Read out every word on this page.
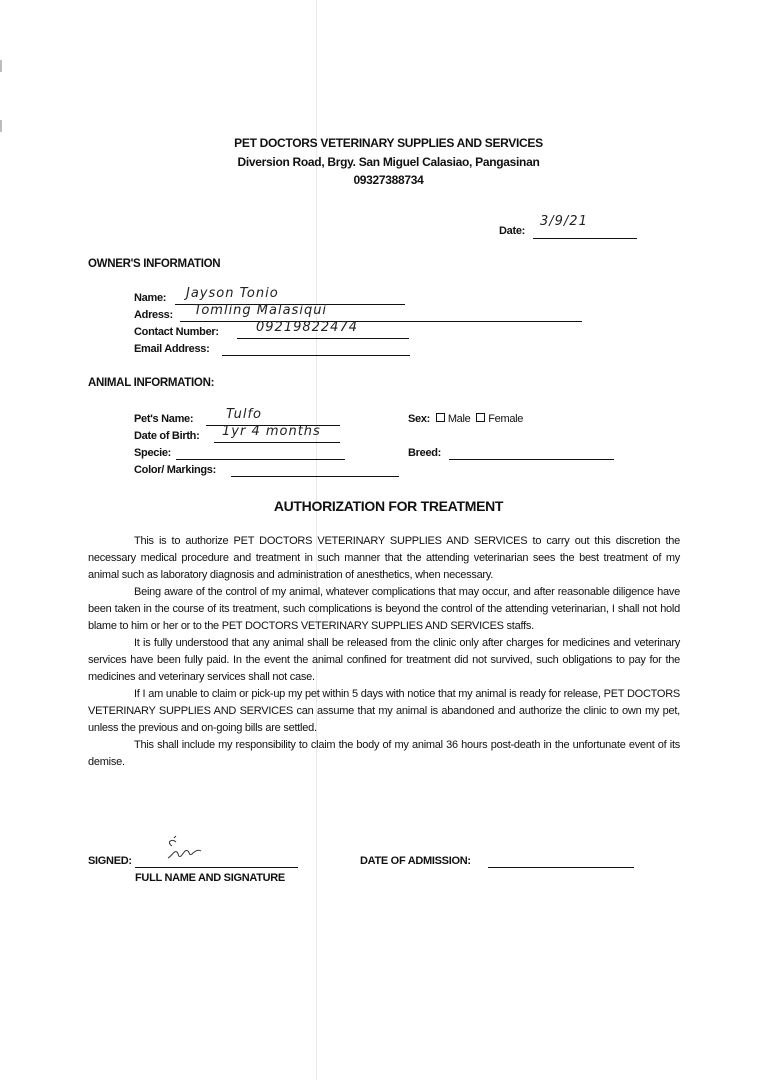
PET DOCTORS VETERINARY SUPPLIES AND SERVICES
Diversion Road, Brgy. San Miguel Calasiao, Pangasinan
09327388734
Date:
3/9/21
OWNER'S INFORMATION
Name: Jayson Tonio
Adress: Tomling Malasiqui
Contact Number:	09219822474
Email Address:
ANIMAL INFORMATION:
Pet's Name:	Tulfo
Date of Birth: 1yr 4 months
Specie:
Color/ Markings:
Sex: Male Female
Breed:
AUTHORIZATION FOR TREATMENT

This is to authorize PET DOCTORS VETERINARY SUPPLIES AND SERVICES to carry out this discretion the necessary medical procedure and treatment in such manner that the attending veterinarian sees the best treatment of my animal such as laboratory diagnosis and administration of anesthetics, when necessary.

Being aware of the control of my animal, whatever complications that may occur, and after reasonable diligence have been taken in the course of its treatment, such complications is beyond the control of the attending veterinarian, I shall not hold blame to him or her or to the PET DOCTORS VETERINARY SUPPLIES AND SERVICES staffs.

It is fully understood that any animal shall be released from the clinic only after charges for medicines and veterinary services have been fully paid. In the event the animal confined for treatment did not survived, such obligations to pay for the medicines and veterinary services shall not case.

If I am unable to claim or pick-up my pet within 5 days with notice that my animal is ready for release, PET DOCTORS VETERINARY SUPPLIES AND SERVICES can assume that my animal is abandoned and authorize the clinic to own my pet, unless the previous and on-going bills are settled.

This shall include my responsibility to claim the body of my animal 36 hours post-death in the unfortunate event of its demise.

SIGNED:
FULL NAME AND SIGNATURE
DATE OF ADMISSION:
